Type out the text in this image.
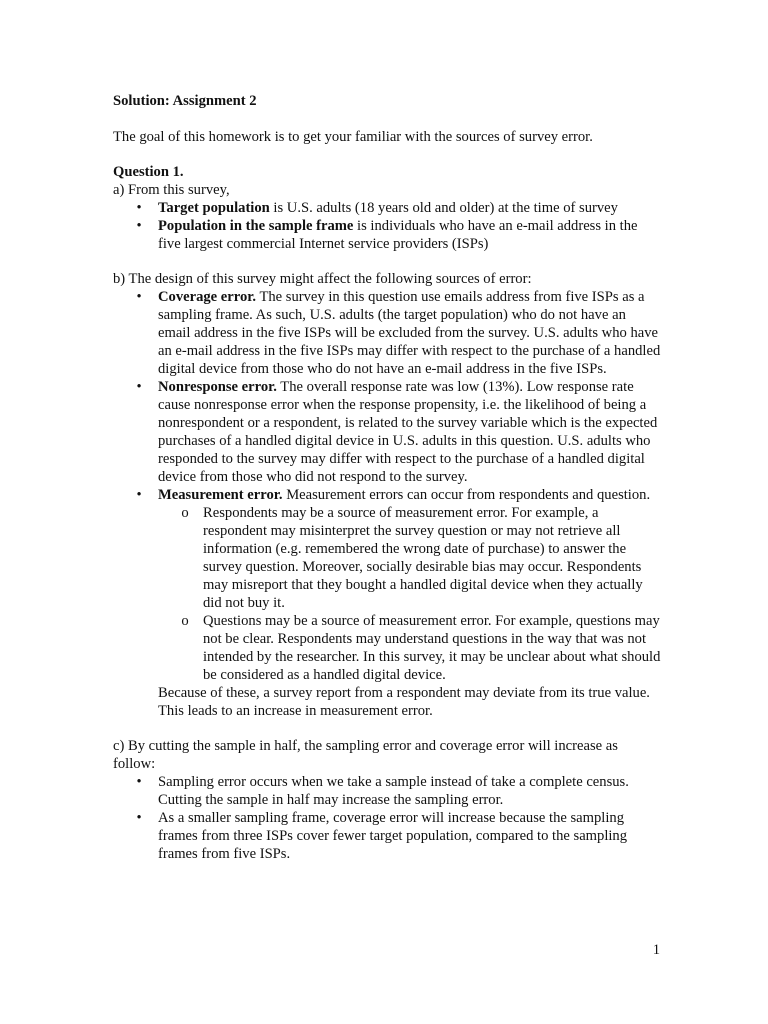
Solution: Assignment 2

The goal of this homework is to get your familiar with the sources of survey error.

Question 1.

a) From this survey,

• Target population is U.S. adults (18 years old and older) at the time of survey
• Population in the sample frame is individuals who have an e-mail address in the five largest commercial Internet service providers (ISPs)

b) The design of this survey might affect the following sources of error:

• Coverage error. The survey in this question use emails address from five ISPs as a sampling frame. As such, U.S. adults (the target population) who do not have an email address in the five ISPs will be excluded from the survey. U.S. adults who have an e-mail address in the five ISPs may differ with respect to the purchase of a handled digital device from those who do not have an e-mail address in the five ISPs.
• Nonresponse error. The overall response rate was low (13%). Low response rate cause nonresponse error when the response propensity, i.e. the likelihood of being a nonrespondent or a respondent, is related to the survey variable which is the expected purchases of a handled digital device in U.S. adults in this question. U.S. adults who responded to the survey may differ with respect to the purchase of a handled digital device from those who did not respond to the survey.
• Measurement error. Measurement errors can occur from respondents and question.
o Respondents may be a source of measurement error. For example, a respondent may misinterpret the survey question or may not retrieve all information (e.g. remembered the wrong date of purchase) to answer the survey question. Moreover, socially desirable bias may occur. Respondents may misreport that they bought a handled digital device when they actually did not buy it.
o Questions may be a source of measurement error. For example, questions may not be clear. Respondents may understand questions in the way that was not intended by the researcher. In this survey, it may be unclear about what should be considered as a handled digital device.

Because of these, a survey report from a respondent may deviate from its true value. This leads to an increase in measurement error.

c) By cutting the sample in half, the sampling error and coverage error will increase as follow:

• Sampling error occurs when we take a sample instead of take a complete census. Cutting the sample in half may increase the sampling error.
• As a smaller sampling frame, coverage error will increase because the sampling frames from three ISPs cover fewer target population, compared to the sampling frames from five ISPs.
1
